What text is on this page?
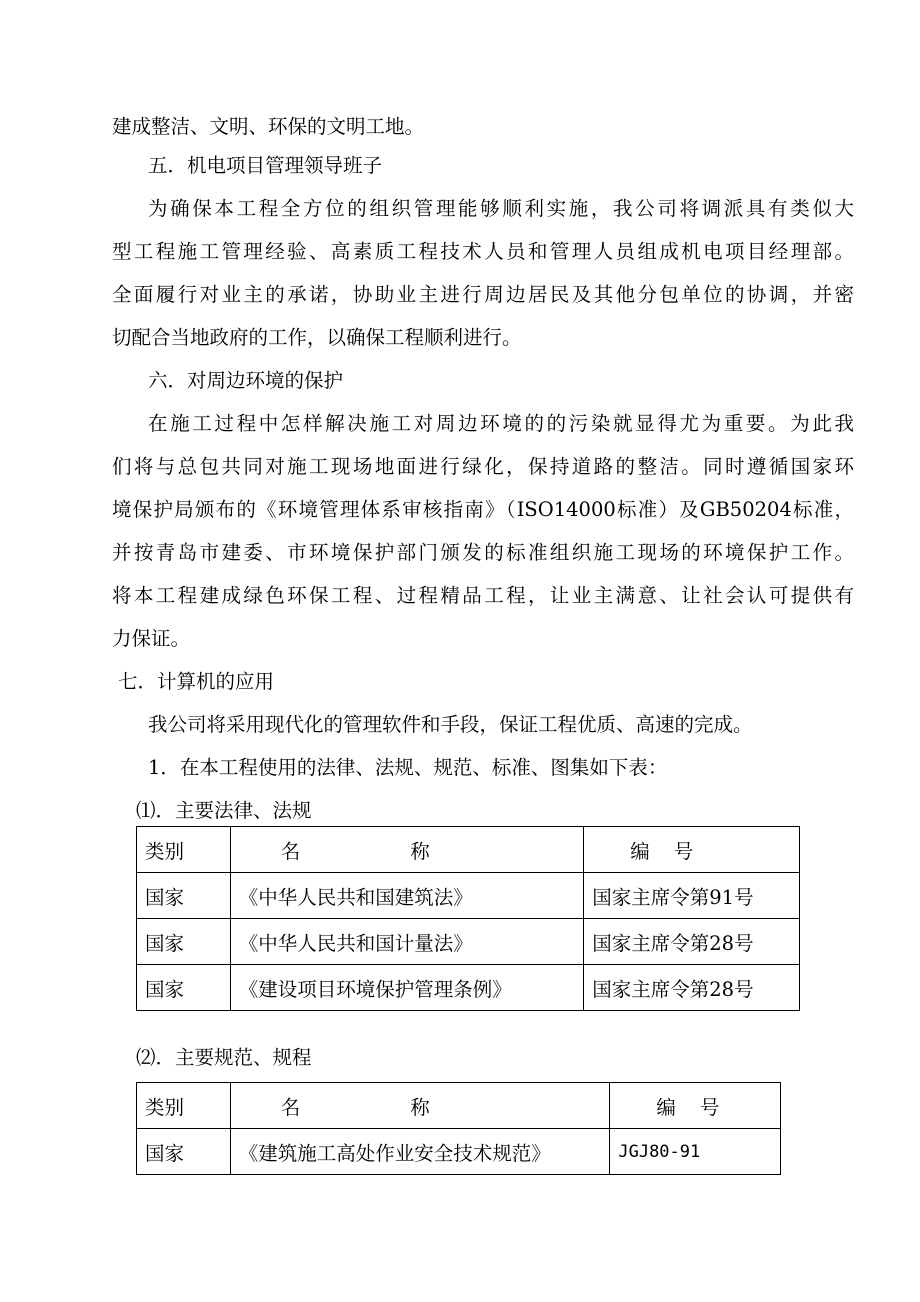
建成整洁、文明、环保的文明工地。

五．机电项目管理领导班子

为确保本工程全方位的组织管理能够顺利实施，我公司将调派具有类似大

型工程施工管理经验、高素质工程技术人员和管理人员组成机电项目经理部。

全面履行对业主的承诺，协助业主进行周边居民及其他分包单位的协调，并密

切配合当地政府的工作，以确保工程顺利进行。

六．对周边环境的保护

在施工过程中怎样解决施工对周边环境的的污染就显得尤为重要。为此我

们将与总包共同对施工现场地面进行绿化，保持道路的整洁。同时遵循国家环

境保护局颁布的《环境管理体系审核指南》（ISO14000标准）及GB50204标准，

并按青岛市建委、市环境保护部门颁发的标准组织施工现场的环境保护工作。

将本工程建成绿色环保工程、过程精品工程，让业主满意、让社会认可提供有

力保证。

七．计算机的应用

我公司将采用现代化的管理软件和手段，保证工程优质、高速的完成。

1．在本工程使用的法律、法规、规范、标准、图集如下表：

⑴．主要法律、法规

类别	名 称	编 号
国家	《中华人民共和国建筑法》	国家主席令第91号
国家	《中华人民共和国计量法》	国家主席令第28号
国家	《建设项目环境保护管理条例》	国家主席令第28号

⑵．主要规范、规程

类别	名 称	编 号
国家	《建筑施工高处作业安全技术规范》	JGJ80-91
